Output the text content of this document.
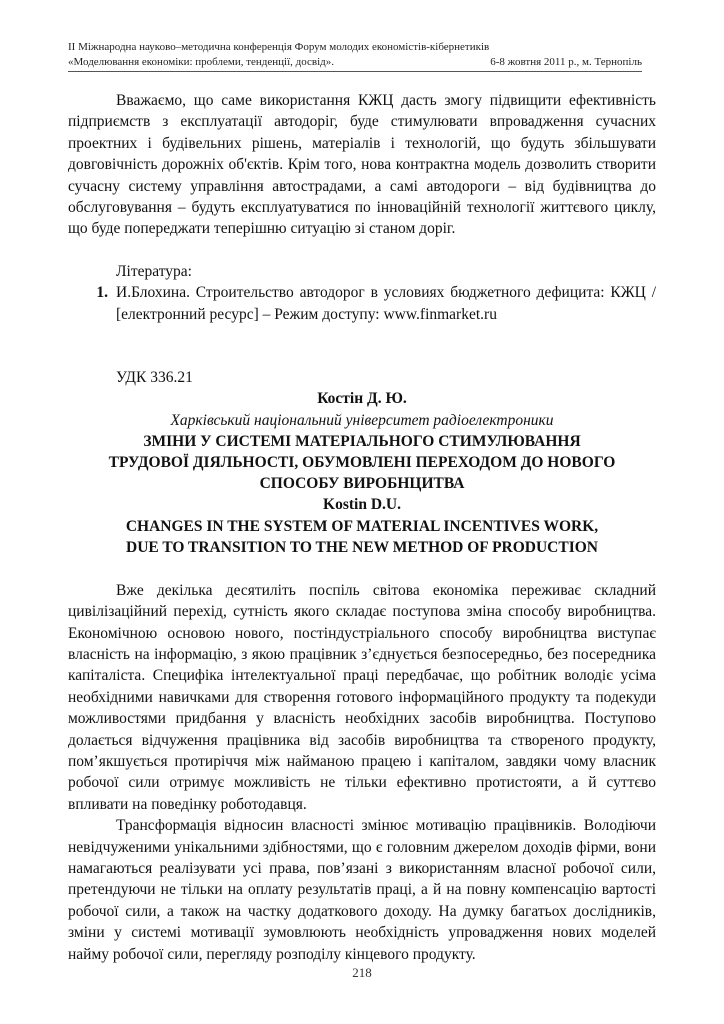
ІІ Міжнародна науково–методична конференція Форум молодих економістів-кібернетиків
«Моделювання економіки: проблеми, тенденції, досвід».	6-8 жовтня 2011 р., м. Тернопіль

Вважаємо, що саме використання КЖЦ дасть змогу підвищити ефективність підприємств з експлуатації автодоріг, буде стимулювати впровадження сучасних проектних і будівельних рішень, матеріалів і технологій, що будуть збільшувати довговічність дорожніх об'єктів. Крім того, нова контрактна модель дозволить створити сучасну систему управління автострадами, а самі автодороги – від будівництва до обслуговування – будуть експлуатуватися по інноваційній технології життєвого циклу, що буде попереджати теперішню ситуацію зі станом доріг.

Література:

1. И.Блохина. Строительство автодорог в условиях бюджетного дефицита: КЖЦ / [електронний ресурс] – Режим доступу: www.finmarket.ru

УДК 336.21

Костін Д. Ю.

Харківський національний університет радіоелектроники

ЗМІНИ У СИСТЕМІ МАТЕРІАЛЬНОГО СТИМУЛЮВАННЯ

ТРУДОВОЇ ДІЯЛЬНОСТІ, ОБУМОВЛЕНІ ПЕРЕХОДОМ ДО НОВОГО

СПОСОБУ ВИРОБНЦИТВА

Kostin D.U.

CHANGES IN THE SYSTEM OF MATERIAL INCENTIVES WORK,

DUE TO TRANSITION TO THE NEW METHOD OF PRODUCTION

Вже декілька десятиліть поспіль світова економіка переживає складний цивілізаційний перехід, сутність якого складає поступова зміна способу виробництва. Економічною основою нового, постіндустріального способу виробництва виступає власність на інформацію, з якою працівник з’єднується безпосередньо, без посередника капіталіста. Специфіка інтелектуальної праці передбачає, що робітник володіє усіма необхідними навичками для створення готового інформаційного продукту та подекуди можливостями придбання у власність необхідних засобів виробництва. Поступово долається відчуження працівника від засобів виробництва та створеного продукту, пом’якшується протиріччя між найманою працею і капіталом, завдяки чому власник робочої сили отримує можливість не тільки ефективно протистояти, а й суттєво впливати на поведінку роботодавця.

Трансформація відносин власності змінює мотивацію працівників. Володіючи невідчуженими унікальними здібностями, що є головним джерелом доходів фірми, вони намагаються реалізувати усі права, пов’язані з використанням власної робочої сили, претендуючи не тільки на оплату результатів праці, а й на повну компенсацію вартості робочої сили, а також на частку додаткового доходу. На думку багатьох дослідників, зміни у системі мотивації зумовлюють необхідність упровадження нових моделей найму робочої сили, перегляду розподілу кінцевого продукту.

218
